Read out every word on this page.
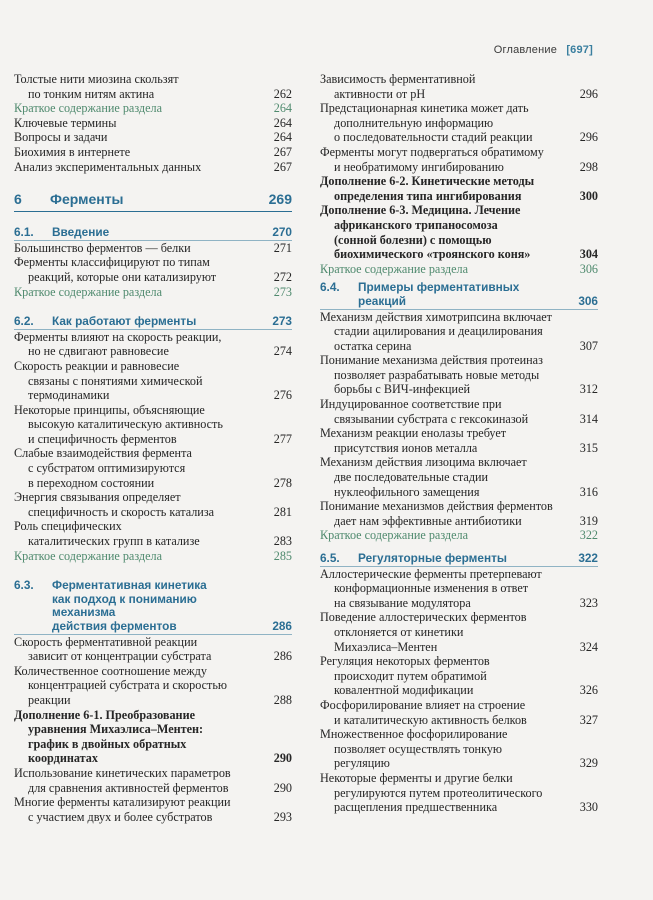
Оглавление [697]
Толстые нити миозина скользят
по тонким нитям актина	262
Краткое содержание раздела	264
Ключевые термины	264
Вопросы и задачи	264
Биохимия в интернете	267
Анализ экспериментальных данных	267
6 Ферменты	269
6.1.	Введение	270
Большинство ферментов — белки	271
Ферменты классифицируют по типам
реакций, которые они катализируют	272
Краткое содержание раздела	273
6.2.	Как работают ферменты	273
Ферменты влияют на скорость реакции,
но не сдвигают равновесие	274
Скорость реакции и равновесие
связаны с понятиями химической
термодинамики	276
Некоторые принципы, объясняющие
высокую каталитическую активность
и специфичность ферментов	277
Слабые взаимодействия фермента
с субстратом оптимизируются
в переходном состоянии	278
Энергия связывания определяет
специфичность и скорость катализа	281
Роль специфических
каталитических групп в катализе	283
Краткое содержание раздела	285
6.3.	Ферментативная кинетика
как подход к пониманию механизма
действия ферментов	286
Скорость ферментативной реакции
зависит от концентрации субстрата	286
Количественное соотношение между
концентрацией субстрата и скоростью
реакции	288
Дополнение 6-1. Преобразование
уравнения Михаэлиса–Ментен:
график в двойных обратных
координатах	290
Использование кинетических параметров
для сравнения активностей ферментов	290
Многие ферменты катализируют реакции
с участием двух и более субстратов	293
Зависимость ферментативной
активности от pH	296
Предстационарная кинетика может дать
дополнительную информацию
о последовательности стадий реакции	296
Ферменты могут подвергаться обратимому
и необратимому ингибированию	298
Дополнение 6-2. Кинетические методы
определения типа ингибирования	300
Дополнение 6-3. Медицина. Лечение
африканского трипаносомоза
(сонной болезни) с помощью
биохимического «троянского коня»	304
Краткое содержание раздела	306
6.4.	Примеры ферментативных реакций	306
Механизм действия химотрипсина включает
стадии ацилирования и деацилирования
остатка серина	307
Понимание механизма действия протеиназ
позволяет разрабатывать новые методы
борьбы с ВИЧ-инфекцией	312
Индуцированное соответствие при
связывании субстрата с гексокиназой	314
Механизм реакции енолазы требует
присутствия ионов металла	315
Механизм действия лизоцима включает
две последовательные стадии
нуклеофильного замещения	316
Понимание механизмов действия ферментов
дает нам эффективные антибиотики	319
Краткое содержание раздела	322
6.5.	Регуляторные ферменты	322
Аллостерические ферменты претерпевают
конформационные изменения в ответ
на связывание модулятора	323
Поведение аллостерических ферментов
отклоняется от кинетики
Михаэлиса–Ментен	324
Регуляция некоторых ферментов
происходит путем обратимой
ковалентной модификации	326
Фосфорилирование влияет на строение
и каталитическую активность белков	327
Множественное фосфорилирование
позволяет осуществлять тонкую
регуляцию	329
Некоторые ферменты и другие белки
регулируются путем протеолитического
расщепления предшественника	330
